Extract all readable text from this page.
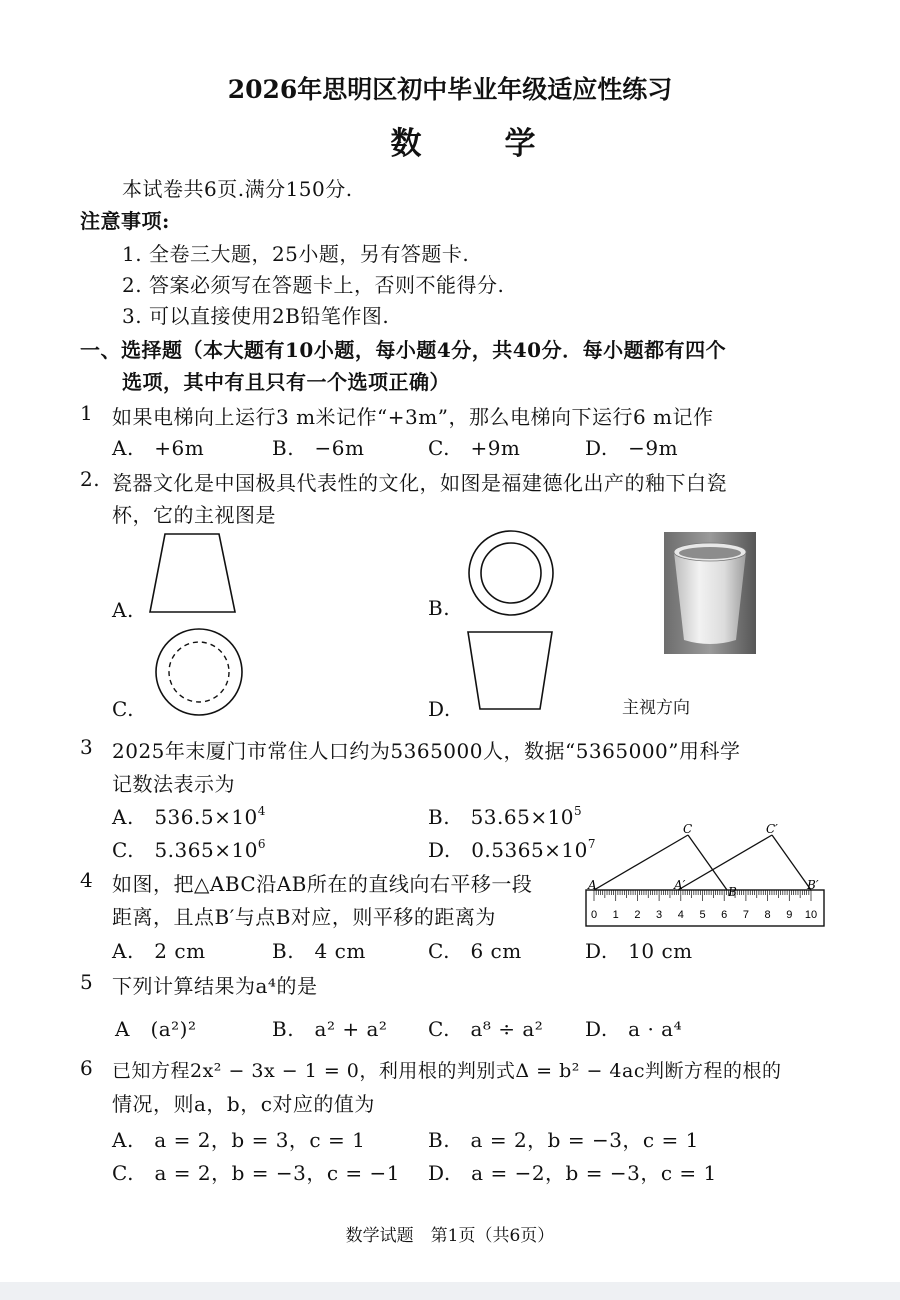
2026年思明区初中毕业年级适应性练习
数　学
本试卷共6页.满分150分.
注意事项:
1. 全卷三大题，25小题，另有答题卡.
2. 答案必须写在答题卡上，否则不能得分.
3. 可以直接使用2B铅笔作图.
一、选择题（本大题有10小题，每小题4分，共40分．每小题都有四个
选项，其中有且只有一个选项正确）
1 如果电梯向上运行3 m米记作“+3m”，那么电梯向下运行6 m记作
A.　+6m	B.　−6m	C.　+9m	D.　−9m
2. 瓷器文化是中国极具代表性的文化，如图是福建德化出产的釉下白瓷
杯，它的主视图是
A.	B.
C.	D.	主视方向
3 2025年末厦门市常住人口约为5365000人，数据“5365000”用科学
记数法表示为
A.　 $536.5\times 10^4$	B.　 $53.65\times 10^5$
C.　 $5.365\times 10^6$	D.　 $0.5365\times 10^7$
4 如图，把△ABC沿AB所在的直线向右平移一段
距离，且点B′与点B对应，则平移的距离为
A.　2 cm	B.　4 cm	C.　6 cm	D.　10 cm
0 1 2 3 4 5 6 7 8 9 10
C	C′
A	A′	B	B′
5 下列计算结果为a⁴的是
A　(a²)²	B.　a² + a² C.　a⁸ ÷ a² D.　a · a⁴
6 已知方程2x² − 3x − 1 = 0，利用根的判别式Δ = b² − 4ac判断方程的根的
情况，则a，b，c对应的值为
A.　a = 2，b = 3，c = 1	B.　a = 2，b = −3，c = 1
C.　a = 2，b = −3，c = −1 D.　a = −2，b = −3，c = 1
数学试题　第1页（共6页）
